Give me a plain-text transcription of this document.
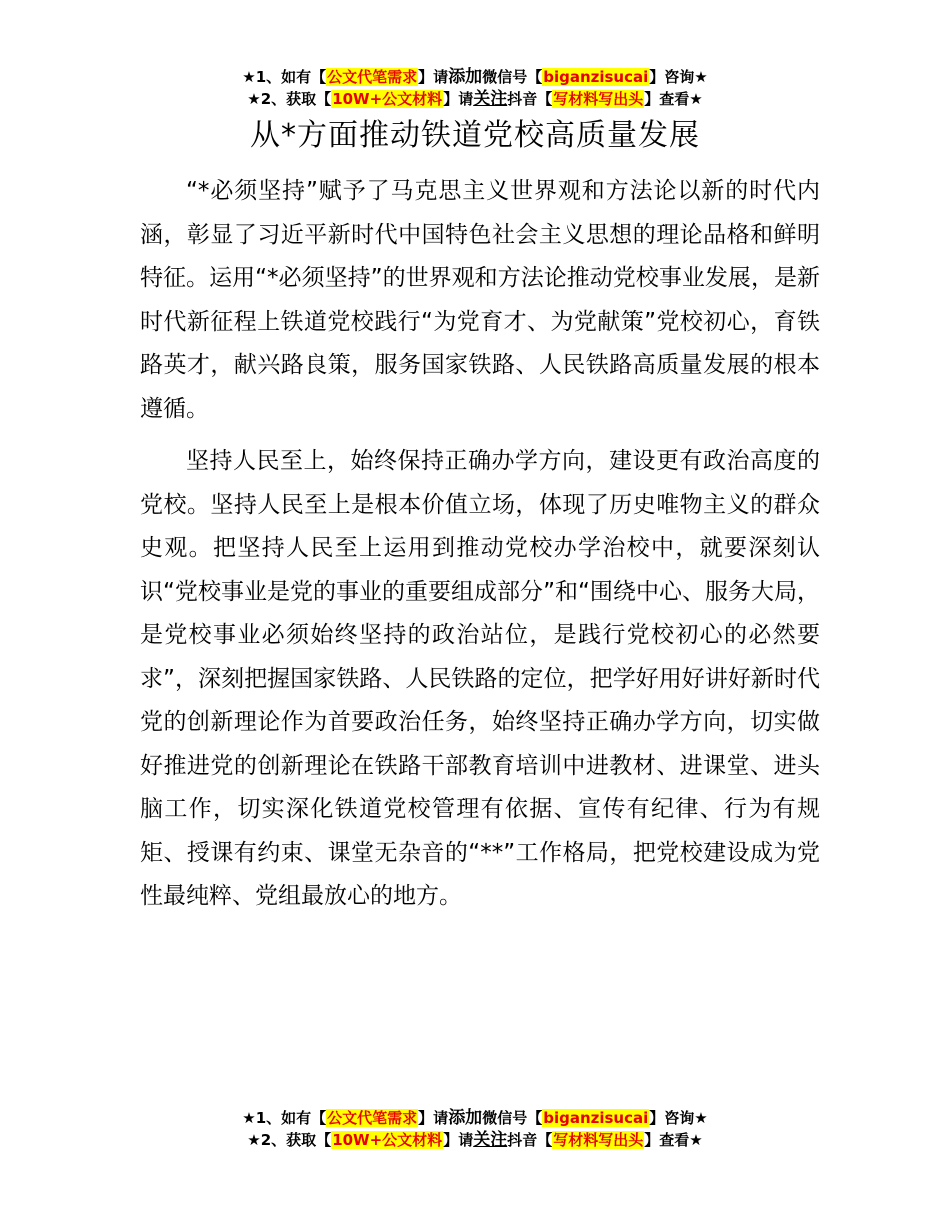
★1、如有【公文代笔需求】请添加微信号【biganzisucai】咨询★
★2、获取【10W+公文材料】请关注抖音【写材料写出头】查看★
从*方面推动铁道党校高质量发展

“*必须坚持”赋予了马克思主义世界观和方法论以新的时代内涵，彰显了习近平新时代中国特色社会主义思想的理论品格和鲜明特征。运用“*必须坚持”的世界观和方法论推动党校事业发展，是新时代新征程上铁道党校践行“为党育才、为党献策”党校初心，育铁路英才，献兴路良策，服务国家铁路、人民铁路高质量发展的根本遵循。

坚持人民至上，始终保持正确办学方向，建设更有政治高度的党校。坚持人民至上是根本价值立场，体现了历史唯物主义的群众史观。把坚持人民至上运用到推动党校办学治校中，就要深刻认识“党校事业是党的事业的重要组成部分”和“围绕中心、服务大局，是党校事业必须始终坚持的政治站位，是践行党校初心的必然要求”，深刻把握国家铁路、人民铁路的定位，把学好用好讲好新时代党的创新理论作为首要政治任务，始终坚持正确办学方向，切实做好推进党的创新理论在铁路干部教育培训中进教材、进课堂、进头脑工作，切实深化铁道党校管理有依据、宣传有纪律、行为有规矩、授课有约束、课堂无杂音的“**”工作格局，把党校建设成为党性最纯粹、党组最放心的地方。

★1、如有【公文代笔需求】请添加微信号【biganzisucai】咨询★
★2、获取【10W+公文材料】请关注抖音【写材料写出头】查看★
